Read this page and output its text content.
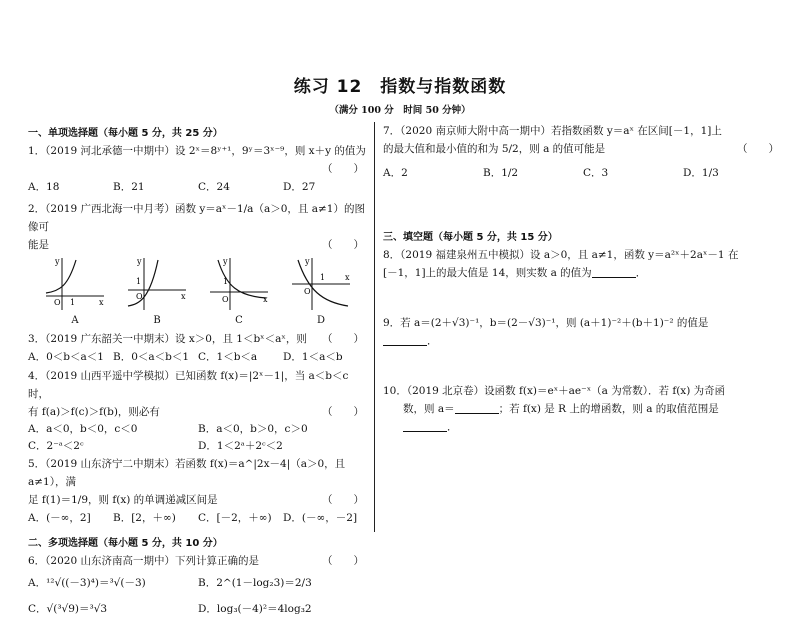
练习 12　指数与指数函数
（满分 100 分　时间 50 分钟）
一、单项选择题（每小题 5 分，共 25 分）
1．（2019 河北承德一中期中）设 2ˣ＝8ʸ⁺¹，9ʸ＝3ˣ⁻⁹，则 x＋y 的值为
（　　）
A．18	B．21	C．24	D．27
2．（2019 广西北海一中月考）函数 y＝aˣ－1/a（a＞0，且 a≠1）的图像可
能是	（　　）
x
y
O 1
A
x
y
O
1
B
x
y
O
1
C
x
y
O
1
D
3．（2019 广东韶关一中期末）设 x＞0，且 1＜bˣ＜aˣ，则 （　　）
A．0＜b＜a＜1 B．0＜a＜b＜1 C．1＜b＜a	D．1＜a＜b
4．（2019 山西平遥中学模拟）已知函数 f(x)＝|2ˣ－1|，当 a＜b＜c 时，
有 f(a)＞f(c)＞f(b)，则必有	（　　）
A．a＜0，b＜0，c＜0	B．a＜0，b＞0，c＞0
C．2⁻ᵃ＜2ᶜ	D．1＜2ᵃ＋2ᶜ＜2
5．（2019 山东济宁二中期末）若函数 f(x)＝a^|2x－4|（a＞0，且 a≠1），满
足 f(1)＝1/9，则 f(x) 的单调递减区间是	（　　）
A．(－∞，2]	B．[2，＋∞)	C．[－2，＋∞)	D．(－∞，－2]
二、多项选择题（每小题 5 分，共 10 分）
6．（2020 山东济南高一期中）下列计算正确的是	（　　）
A．¹²√((－3)⁴)＝³√(－3)	B．2^(1－log₂3)＝2/3
C．√(³√9)＝³√3	D．log₃(－4)²＝4log₃2
7．（2020 南京师大附中高一期中）若指数函数 y＝aˣ 在区间[－1，1]上
的最大值和最小值的和为 5/2，则 a 的值可能是	（　　）
A．2	B．1/2	C．3	D．1/3
三、填空题（每小题 5 分，共 15 分）
8．（2019 福建泉州五中模拟）设 a＞0，且 a≠1，函数 y＝a²ˣ＋2aˣ－1 在
[－1，1]上的最大值是 14，则实数 a 的值为	．
9．若 a＝(2＋√3)⁻¹，b＝(2－√3)⁻¹，则 (a＋1)⁻²＋(b＋1)⁻² 的值是
．
10．（2019 北京卷）设函数 f(x)＝eˣ＋ae⁻ˣ（a 为常数）．若 f(x) 为奇函
数，则 a＝	；若 f(x) 是 R 上的增函数，则 a 的取值范围是
．
